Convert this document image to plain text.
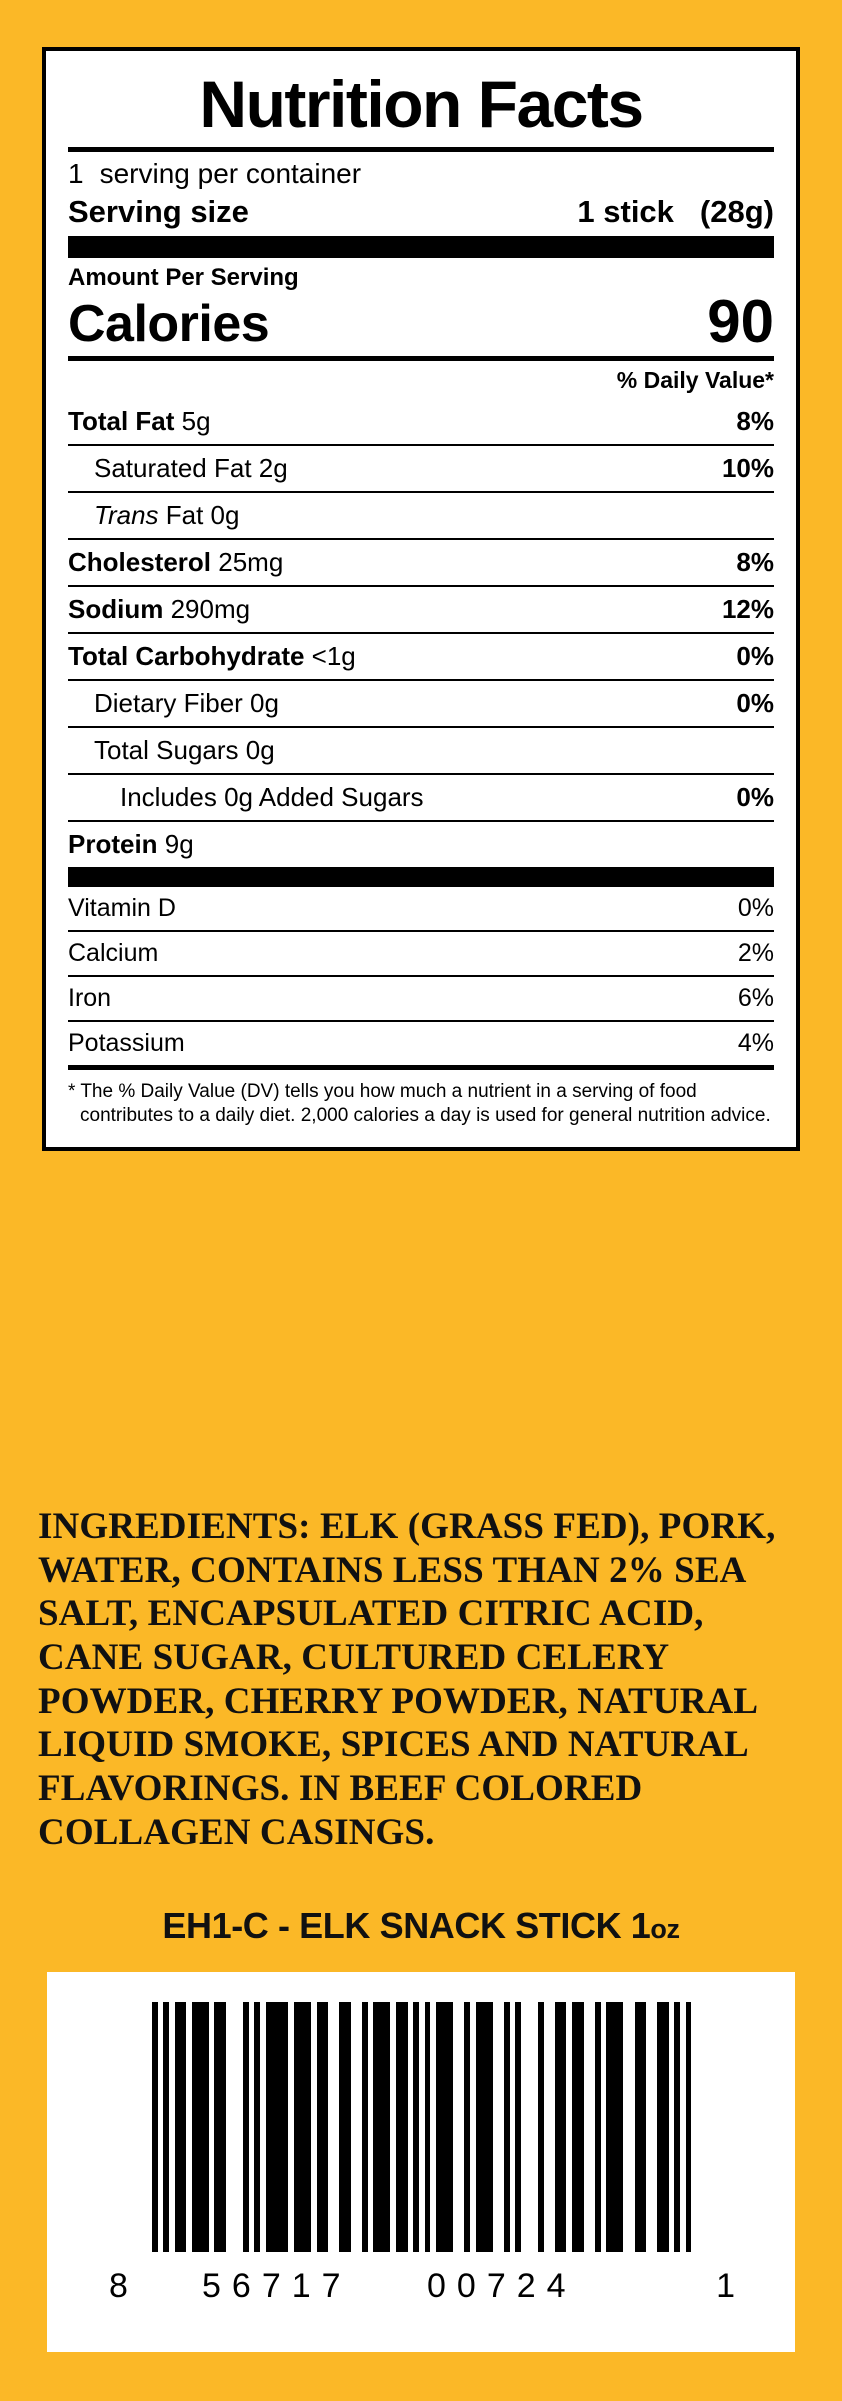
Nutrition Facts
1 serving per container
Serving size	1 stick (28g)
Amount Per Serving
Calories	90
% Daily Value*
Total Fat 5g	8%
Saturated Fat 2g	10%
Trans Fat 0g
Cholesterol 25mg	8%
Sodium 290mg	12%
Total Carbohydrate <1g	0%
Dietary Fiber 0g	0%
Total Sugars 0g
Includes 0g Added Sugars	0%
Protein 9g
Vitamin D	0%
Calcium	2%
Iron	6%
Potassium	4%
* The % Daily Value (DV) tells you how much a nutrient in a serving of food contributes to a daily diet. 2,000 calories a day is used for general nutrition advice.
INGREDIENTS: ELK (GRASS FED), PORK, WATER, CONTAINS LESS THAN 2% SEA SALT, ENCAPSULATED CITRIC ACID, CANE SUGAR, CULTURED CELERY POWDER, CHERRY POWDER, NATURAL LIQUID SMOKE, SPICES AND NATURAL FLAVORINGS. IN BEEF COLORED COLLAGEN CASINGS.
EH1-C - ELK SNACK STICK 1oz
8 56717 00724	1
